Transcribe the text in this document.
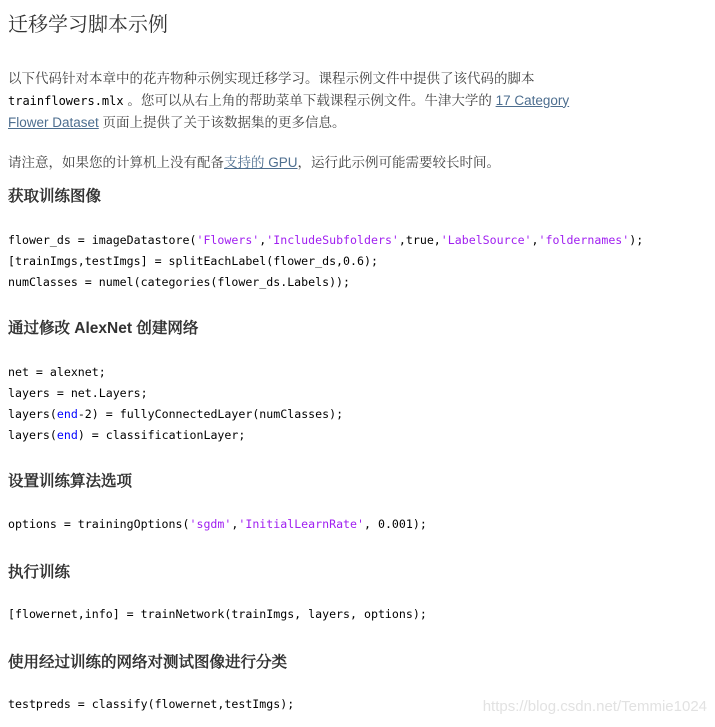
迁移学习脚本示例
以下代码针对本章中的花卉物种示例实现迁移学习。课程示例文件中提供了该代码的脚本
trainflowers.mlx 。您可以从右上角的帮助菜单下载课程示例文件。牛津大学的 17 Category
Flower Dataset 页面上提供了关于该数据集的更多信息。
请注意，如果您的计算机上没有配备支持的 GPU，运行此示例可能需要较长时间。
获取训练图像
flower_ds = imageDatastore('Flowers','IncludeSubfolders',true,'LabelSource','foldernames');
[trainImgs,testImgs] = splitEachLabel(flower_ds,0.6);
numClasses = numel(categories(flower_ds.Labels));
通过修改 AlexNet 创建网络
net = alexnet;
layers = net.Layers;
layers(end-2) = fullyConnectedLayer(numClasses);
layers(end) = classificationLayer;
设置训练算法选项
options = trainingOptions('sgdm','InitialLearnRate', 0.001);
执行训练
[flowernet,info] = trainNetwork(trainImgs, layers, options);
使用经过训练的网络对测试图像进行分类
testpreds = classify(flowernet,testImgs);	https://blog.csdn.net/Temmie1024
